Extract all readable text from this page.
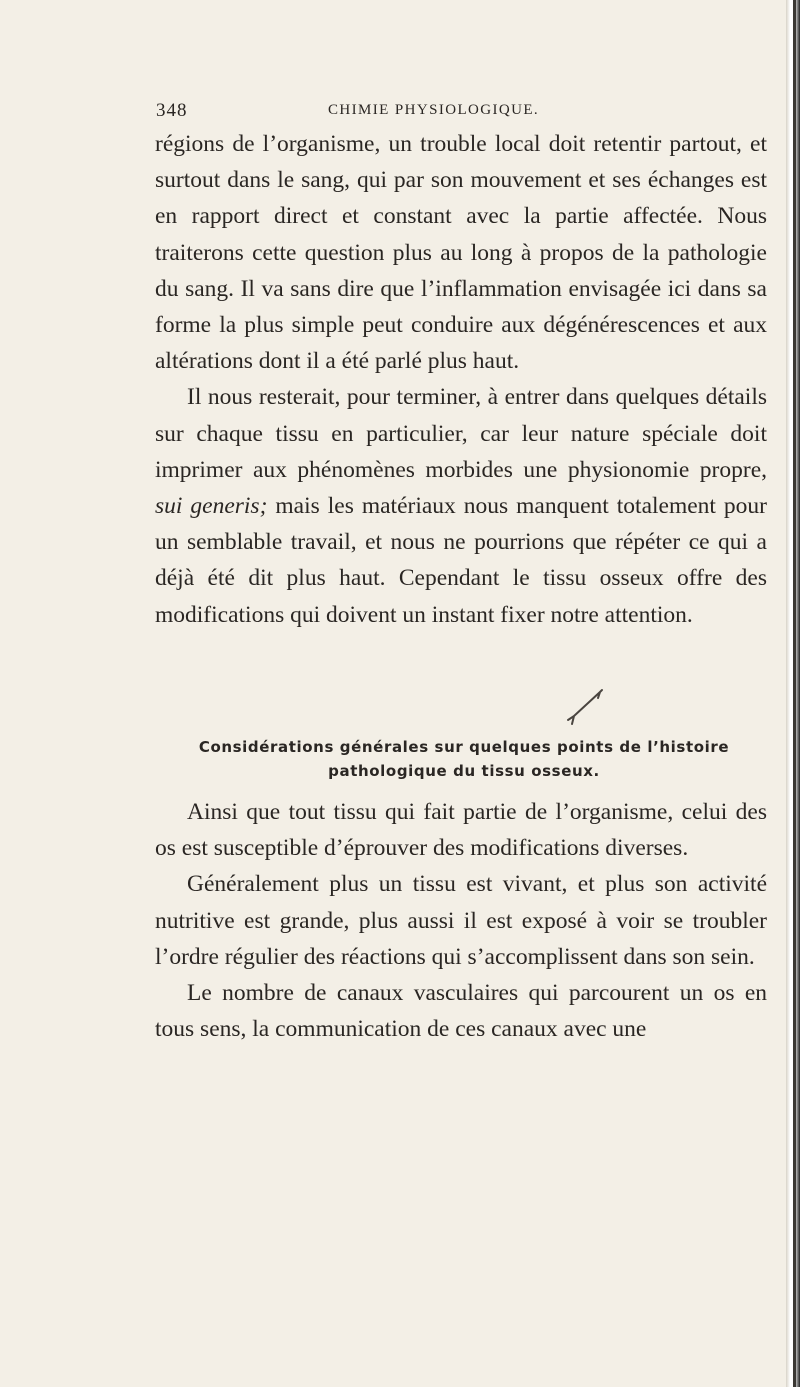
348	CHIMIE PHYSIOLOGIQUE.

régions de l’organisme, un trouble local doit retentir partout, et surtout dans le sang, qui par son mouvement et ses échanges est en rapport direct et constant avec la partie affectée. Nous traiterons cette question plus au long à propos de la pathologie du sang. Il va sans dire que l’inflammation envisagée ici dans sa forme la plus simple peut conduire aux dégénérescences et aux altérations dont il a été parlé plus haut.

Il nous resterait, pour terminer, à entrer dans quelques détails sur chaque tissu en particulier, car leur nature spéciale doit imprimer aux phénomènes morbides une physionomie propre, sui generis; mais les matériaux nous manquent totalement pour un semblable travail, et nous ne pourrions que répéter ce qui a déjà été dit plus haut. Cependant le tissu osseux offre des modifications qui doivent un instant fixer notre attention.

Considérations générales sur quelques points de l’histoire pathologique du tissu osseux.

Ainsi que tout tissu qui fait partie de l’organisme, celui des os est susceptible d’éprouver des modifications diverses.

Généralement plus un tissu est vivant, et plus son activité nutritive est grande, plus aussi il est exposé à voir se troubler l’ordre régulier des réactions qui s’accomplissent dans son sein.

Le nombre de canaux vasculaires qui parcourent un os en tous sens, la communication de ces canaux avec une
